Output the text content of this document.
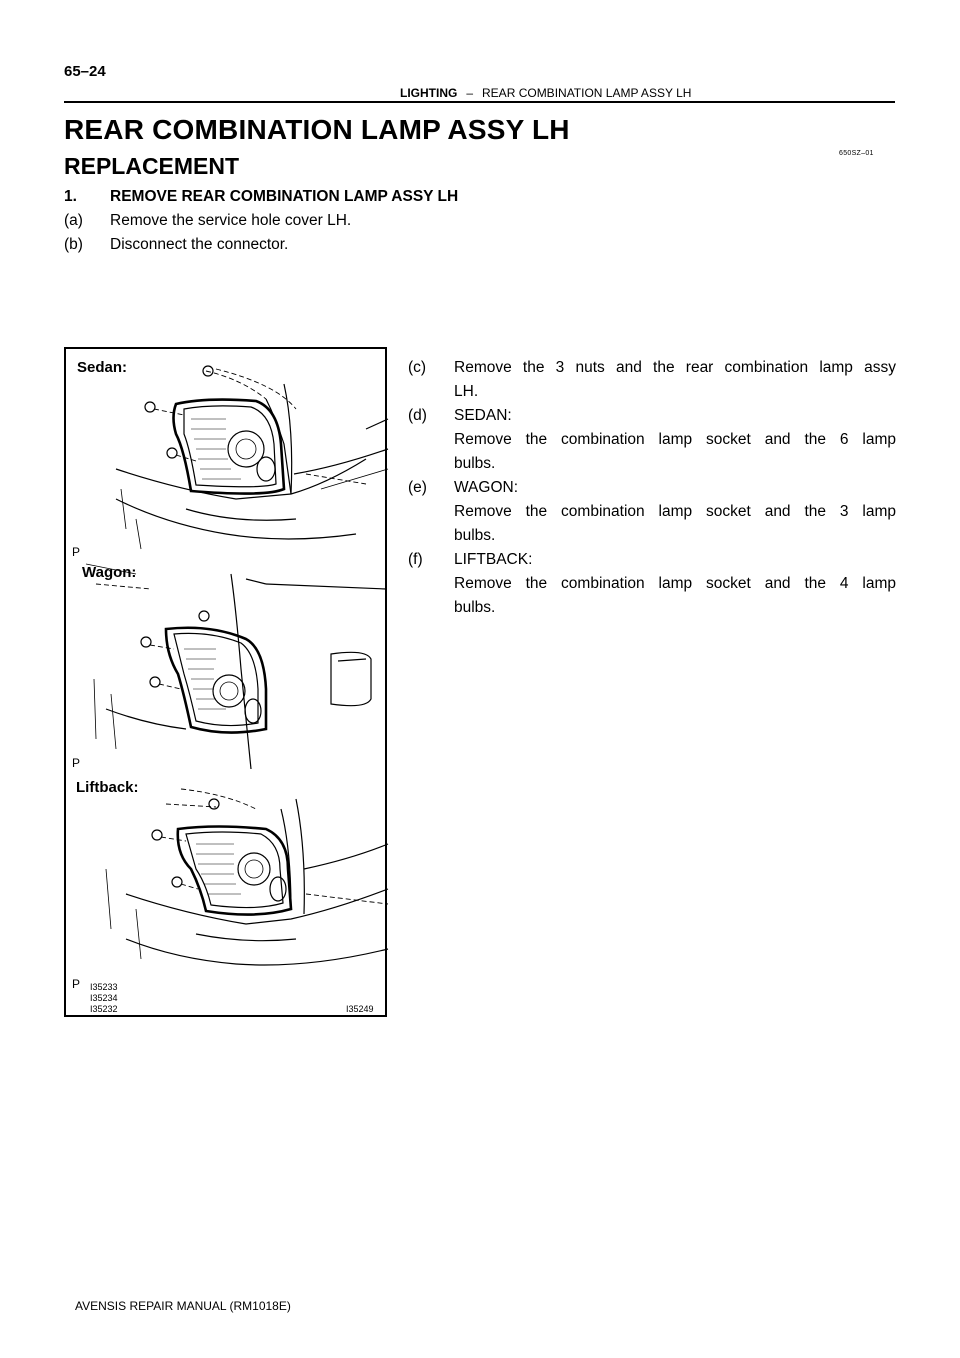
65–24
LIGHTING – REAR COMBINATION LAMP ASSY LH
REAR COMBINATION LAMP ASSY LH
650SZ–01
REPLACEMENT
1. REMOVE REAR COMBINATION LAMP ASSY LH
(a) Remove the service hole cover LH.
(b) Disconnect the connector.
Sedan:
P
Wagon:
P
Liftback:
P I35233
I35234
I35232	I35249
(c) Remove the 3 nuts and the rear combination lamp assy
LH.
(d) SEDAN:
Remove the combination lamp socket and the 6 lamp
bulbs.
(e) WAGON:
Remove the combination lamp socket and the 3 lamp
bulbs.
(f) LIFTBACK:
Remove the combination lamp socket and the 4 lamp
bulbs.
AVENSIS REPAIR MANUAL (RM1018E)
